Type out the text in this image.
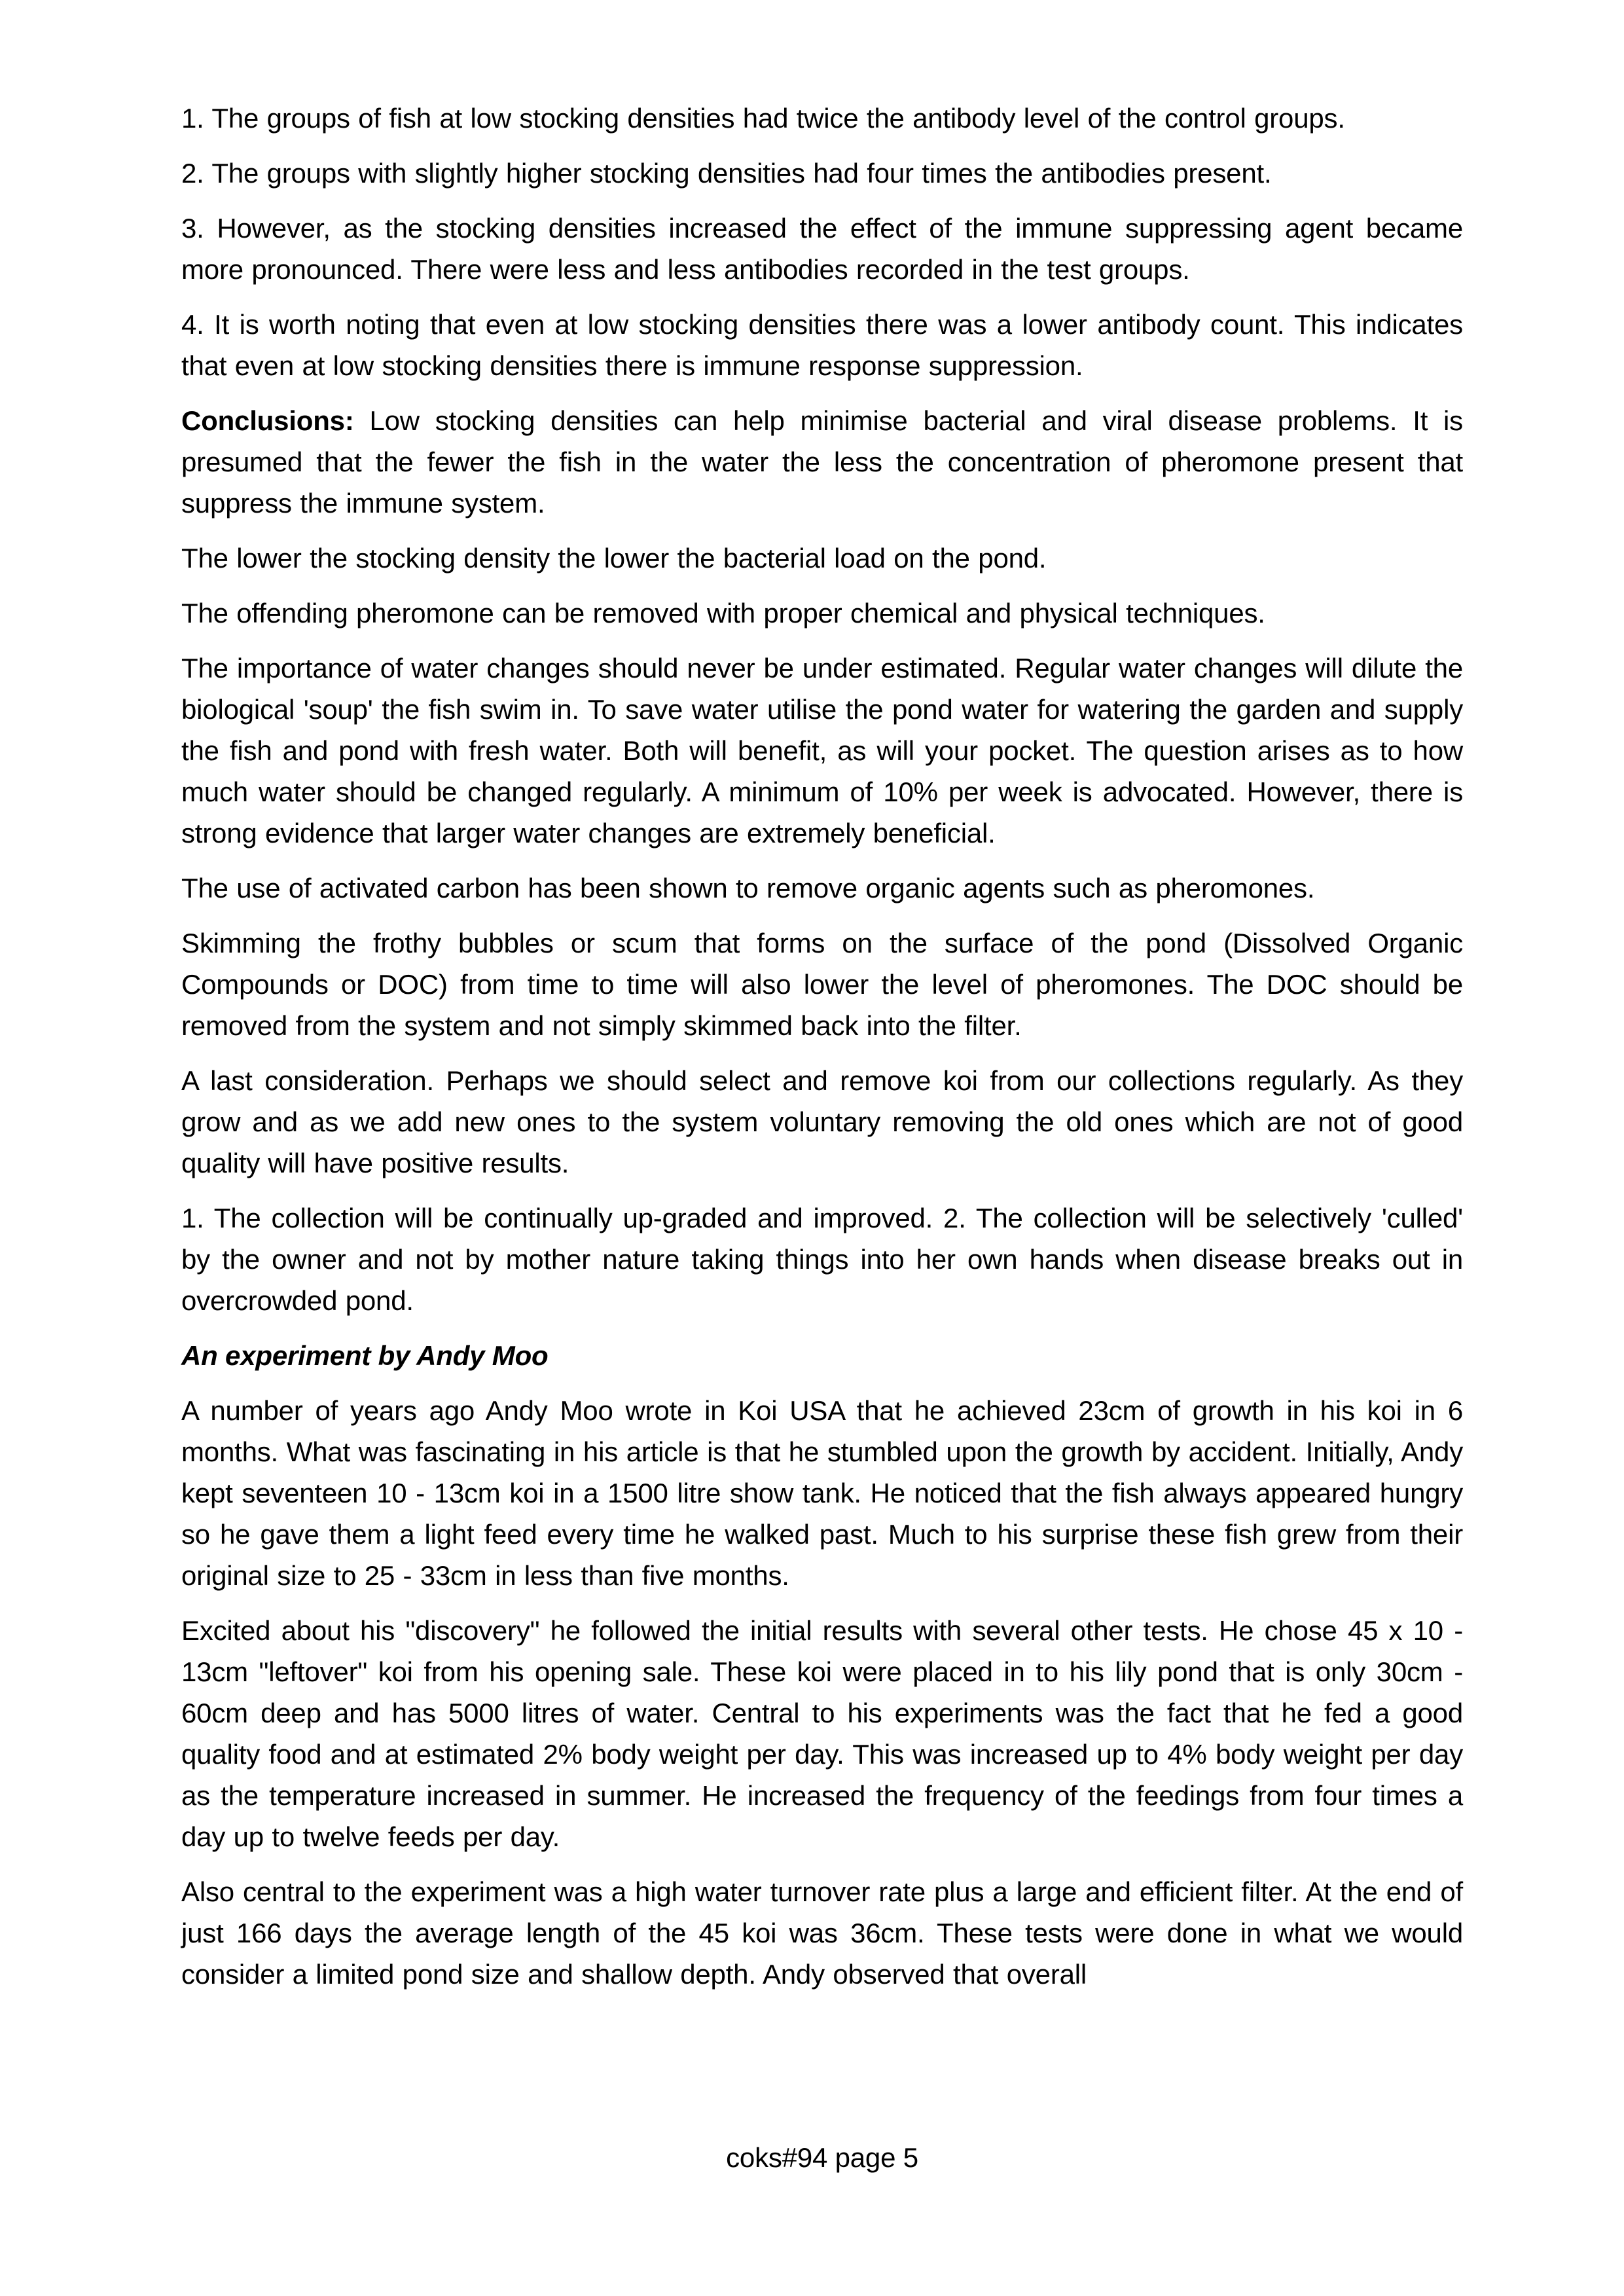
1. The groups of fish at low stocking densities had twice the antibody level of the control groups.

2. The groups with slightly higher stocking densities had four times the antibodies present.

3. However, as the stocking densities increased the effect of the immune suppressing agent became more pronounced. There were less and less antibodies recorded in the test groups.

4. It is worth noting that even at low stocking densities there was a lower antibody count. This indicates that even at low stocking densities there is immune response suppression.

Conclusions: Low stocking densities can help minimise bacterial and viral disease problems. It is presumed that the fewer the fish in the water the less the concentration of pheromone present that suppress the immune system.

The lower the stocking density the lower the bacterial load on the pond.

The offending pheromone can be removed with proper chemical and physical techniques.

The importance of water changes should never be under estimated. Regular water changes will dilute the biological 'soup' the fish swim in. To save water utilise the pond water for watering the garden and supply the fish and pond with fresh water. Both will benefit, as will your pocket. The question arises as to how much water should be changed regularly. A minimum of 10% per week is advocated. However, there is strong evidence that larger water changes are extremely beneficial.

The use of activated carbon has been shown to remove organic agents such as pheromones.

Skimming the frothy bubbles or scum that forms on the surface of the pond (Dissolved Organic Compounds or DOC) from time to time will also lower the level of pheromones. The DOC should be removed from the system and not simply skimmed back into the filter.

A last consideration. Perhaps we should select and remove koi from our collections regularly. As they grow and as we add new ones to the system voluntary removing the old ones which are not of good quality will have positive results.

1. The collection will be continually up-graded and improved. 2. The collection will be selectively 'culled' by the owner and not by mother nature taking things into her own hands when disease breaks out in overcrowded pond.

An experiment by Andy Moo

A number of years ago Andy Moo wrote in Koi USA that he achieved 23cm of growth in his koi in 6 months. What was fascinating in his article is that he stumbled upon the growth by accident. Initially, Andy kept seventeen 10 - 13cm koi in a 1500 litre show tank. He noticed that the fish always appeared hungry so he gave them a light feed every time he walked past. Much to his surprise these fish grew from their original size to 25 - 33cm in less than five months.

Excited about his "discovery" he followed the initial results with several other tests. He chose 45 x 10 - 13cm "leftover" koi from his opening sale. These koi were placed in to his lily pond that is only 30cm - 60cm deep and has 5000 litres of water. Central to his experiments was the fact that he fed a good quality food and at estimated 2% body weight per day. This was increased up to 4% body weight per day as the temperature increased in summer. He increased the frequency of the feedings from four times a day up to twelve feeds per day.

Also central to the experiment was a high water turnover rate plus a large and efficient filter. At the end of just 166 days the average length of the 45 koi was 36cm. These tests were done in what we would consider a limited pond size and shallow depth. Andy observed that overall

coks#94 page 5
